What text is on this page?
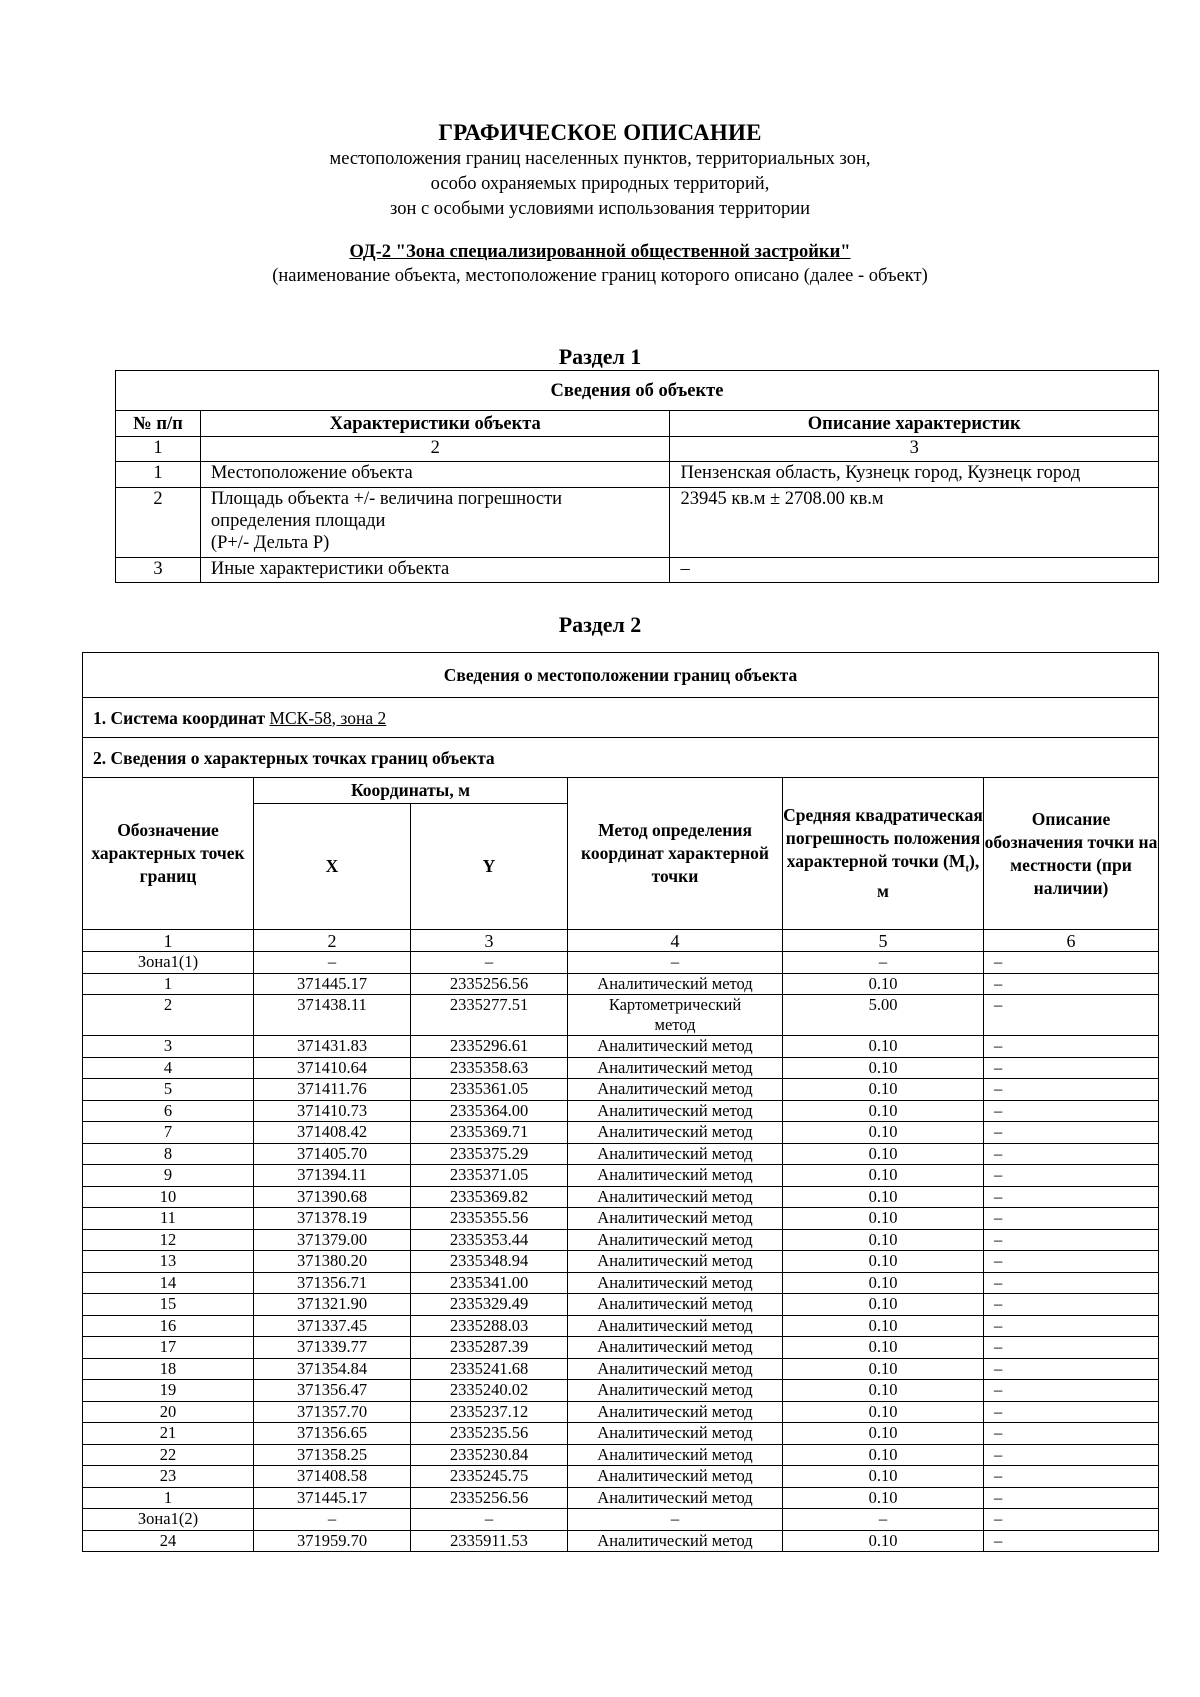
ГРАФИЧЕСКОЕ ОПИСАНИЕ
местоположения границ населенных пунктов, территориальных зон,
особо охраняемых природных территорий,
зон с особыми условиями использования территории
ОД-2 "Зона специализированной общественной застройки"
(наименование объекта, местоположение границ которого описано (далее - объект)
Раздел 1
Сведения об объекте		
№ п/п	Характеристики объекта	Описание характеристик
1	2	3
1	Местоположение объекта	Пензенская область, Кузнецк город, Кузнецк город
2	Площадь объекта +/- величина погрешности
определения площади
(P+/- Дельта P)	23945 кв.м ± 2708.00 кв.м
3	Иные характеристики объекта	–
Раздел 2
Сведения о местоположении границ объекта					
1. Система координат МСК-58, зона 2					
2. Сведения о характерных точках границ объекта					
Обозначение характерных точек границ	Координаты, м		Метод определения координат характерной точки	Средняя квадратическая погрешность положения характерной точки $(M_t)$, м	Описание обозначения точки на местности (при наличии)
	X	Y			
1	2	3	4	5	6
Зона1(1)	–	–	–	–	–
1	371445.17	2335256.56	Аналитический метод	0.10	–
2	371438.11	2335277.51	Картометрический
метод	5.00	–
3	371431.83	2335296.61	Аналитический метод	0.10	–
4	371410.64	2335358.63	Аналитический метод	0.10	–
5	371411.76	2335361.05	Аналитический метод	0.10	–
6	371410.73	2335364.00	Аналитический метод	0.10	–
7	371408.42	2335369.71	Аналитический метод	0.10	–
8	371405.70	2335375.29	Аналитический метод	0.10	–
9	371394.11	2335371.05	Аналитический метод	0.10	–
10	371390.68	2335369.82	Аналитический метод	0.10	–
11	371378.19	2335355.56	Аналитический метод	0.10	–
12	371379.00	2335353.44	Аналитический метод	0.10	–
13	371380.20	2335348.94	Аналитический метод	0.10	–
14	371356.71	2335341.00	Аналитический метод	0.10	–
15	371321.90	2335329.49	Аналитический метод	0.10	–
16	371337.45	2335288.03	Аналитический метод	0.10	–
17	371339.77	2335287.39	Аналитический метод	0.10	–
18	371354.84	2335241.68	Аналитический метод	0.10	–
19	371356.47	2335240.02	Аналитический метод	0.10	–
20	371357.70	2335237.12	Аналитический метод	0.10	–
21	371356.65	2335235.56	Аналитический метод	0.10	–
22	371358.25	2335230.84	Аналитический метод	0.10	–
23	371408.58	2335245.75	Аналитический метод	0.10	–
1	371445.17	2335256.56	Аналитический метод	0.10	–
Зона1(2)	–	–	–	–	–
24	371959.70	2335911.53	Аналитический метод	0.10	–
